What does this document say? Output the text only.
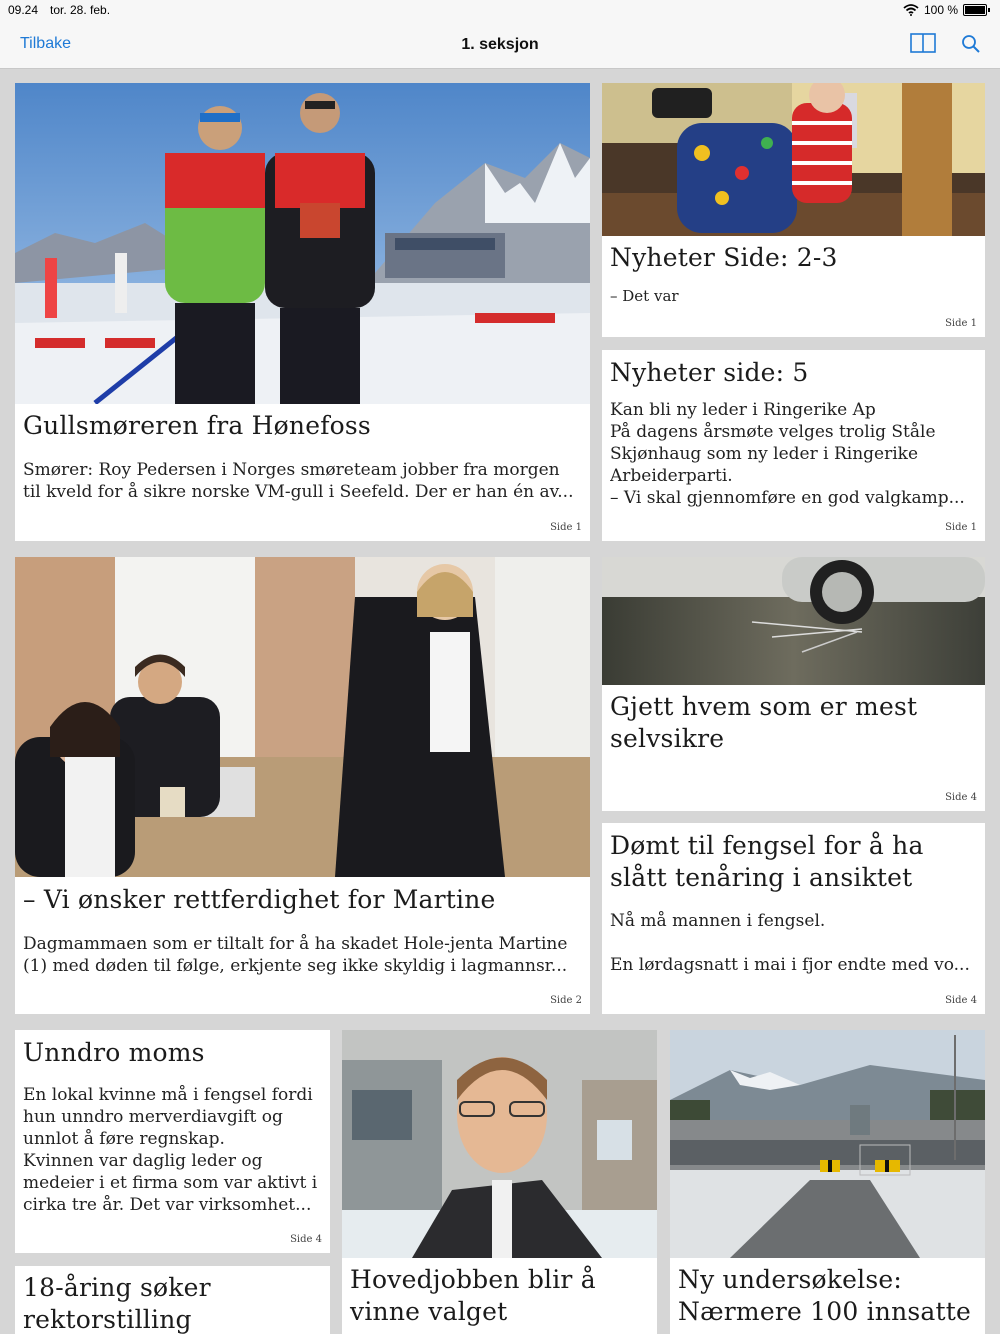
09.24 tor. 28. feb.	100 %
Tilbake	1. seksjon
Gullsmøreren fra Hønefoss

Smører: Roy Pedersen i Norges smøreteam jobber fra morgen til kveld for å sikre norske VM-gull i Seefeld. Der er han én av...

Side 1
Nyheter Side: 2-3

– Det var

Side 1
Nyheter side: 5

Kan bli ny leder i Ringerike Ap
På dagens årsmøte velges trolig Ståle Skjønhaug som ny leder i Ringerike Arbeiderparti.
– Vi skal gjennomføre en god valgkamp...

Side 1
– Vi ønsker rettferdighet for Martine

Dagmammaen som er tiltalt for å ha skadet Hole-jenta Martine (1) med døden til følge, erkjente seg ikke skyldig i lagmannsr...

Side 2
Gjett hvem som er mest selvsikre
Side 4
Dømt til fengsel for å ha slått tenåring i ansiktet

Nå må mannen i fengsel.

En lørdagsnatt i mai i fjor endte med vo...

Side 4
Unndro moms

En lokal kvinne må i fengsel fordi hun unndro merverdiavgift og unnlot å føre regnskap.
Kvinnen var daglig leder og medeier i et firma som var aktivt i cirka tre år. Det var virksomhet...

Side 4
18-åring søker rektorstilling
Hovedjobben blir å vinne valget
Ny undersøkelse: Nærmere 100 innsatte
